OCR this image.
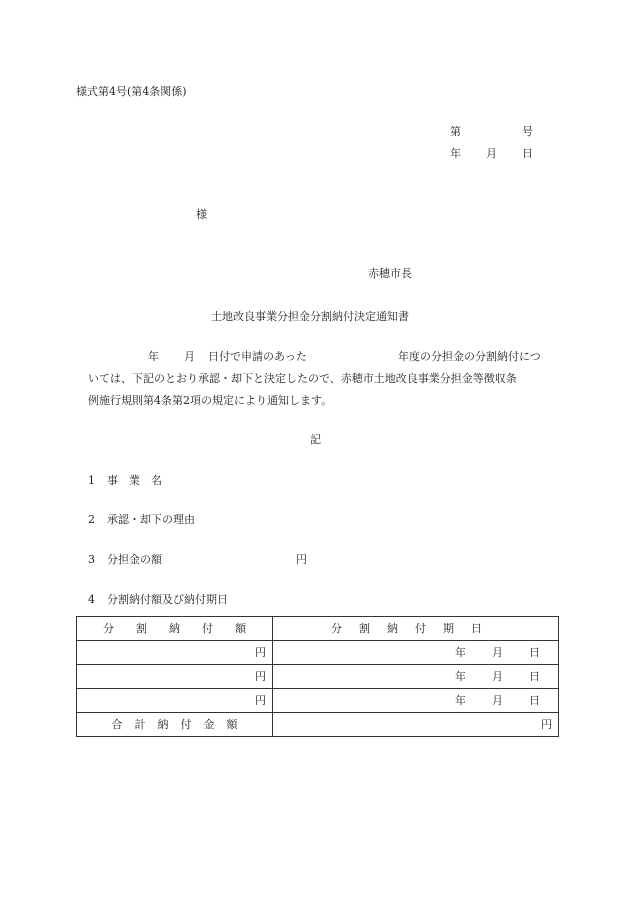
様式第4号(第4条関係)
第	号
年 月 日
様
赤穂市長
土地改良事業分担金分割納付決定通知書
年 月 日付で申請のあった	年度の分担金の分割納付につ
いては、下記のとおり承認・却下と決定したので、赤穂市土地改良事業分担金等徴収条
例施行規則第4条第2項の規定により通知します。
記
1 事　業　名
2 承認・却下の理由
3 分担金の額	円
4 分割納付額及び納付期日
分 割 納 付 額	分 割 納 付 期 日
円	年 月 日
円	年 月 日
円	年 月 日
合 計 納 付 金 額	円
